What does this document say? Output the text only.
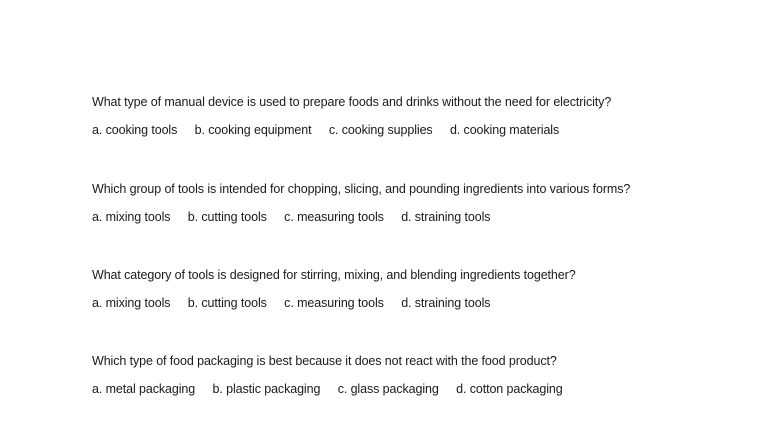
What type of manual device is used to prepare foods and drinks without the need for electricity?
a. cooking tools b. cooking equipment c. cooking supplies d. cooking materials
Which group of tools is intended for chopping, slicing, and pounding ingredients into various forms?
a. mixing tools b. cutting tools c. measuring tools d. straining tools
What category of tools is designed for stirring, mixing, and blending ingredients together?
a. mixing tools b. cutting tools c. measuring tools d. straining tools
Which type of food packaging is best because it does not react with the food product?
a. metal packaging b. plastic packaging c. glass packaging d. cotton packaging
